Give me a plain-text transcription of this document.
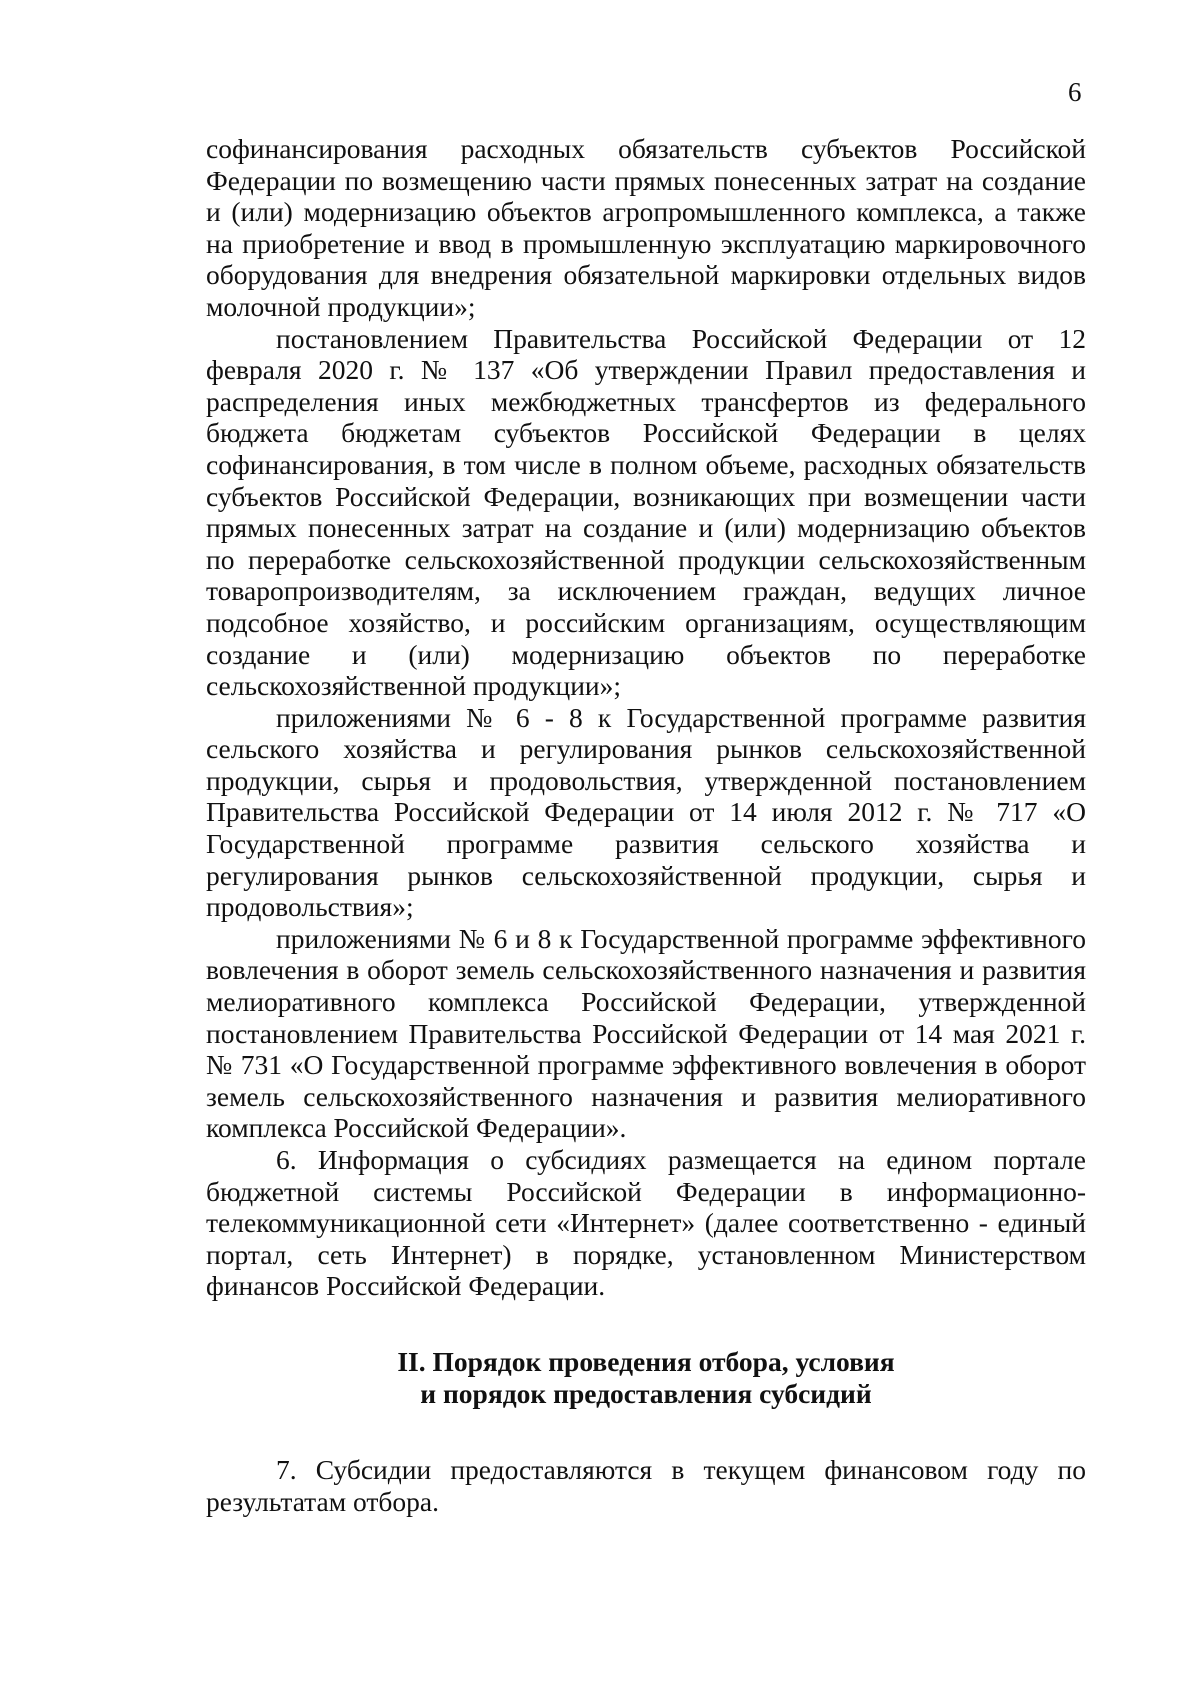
6

софинансирования расходных обязательств субъектов Российской Федерации по возмещению части прямых понесенных затрат на создание и (или) модернизацию объектов агропромышленного комплекса, а также на приобретение и ввод в промышленную эксплуатацию маркировочного оборудования для внедрения обязательной маркировки отдельных видов молочной продукции»;

постановлением Правительства Российской Федерации от 12 февраля 2020 г. № 137 «Об утверждении Правил предоставления и распределения иных межбюджетных трансфертов из федерального бюджета бюджетам субъектов Российской Федерации в целях софинансирования, в том числе в полном объеме, расходных обязательств субъектов Российской Федерации, возникающих при возмещении части прямых понесенных затрат на создание и (или) модернизацию объектов по переработке сельскохозяйственной продукции сельскохозяйственным товаропроизводителям, за исключением граждан, ведущих личное подсобное хозяйство, и российским организациям, осуществляющим создание и (или) модернизацию объектов по переработке сельскохозяйственной продукции»;

приложениями № 6 - 8 к Государственной программе развития сельского хозяйства и регулирования рынков сельскохозяйственной продукции, сырья и продовольствия, утвержденной постановлением Правительства Российской Федерации от 14 июля 2012 г. № 717 «О Государственной программе развития сельского хозяйства и регулирования рынков сельскохозяйственной продукции, сырья и продовольствия»;

приложениями № 6 и 8 к Государственной программе эффективного вовлечения в оборот земель сельскохозяйственного назначения и развития мелиоративного комплекса Российской Федерации, утвержденной постановлением Правительства Российской Федерации от 14 мая 2021 г. № 731 «О Государственной программе эффективного вовлечения в оборот земель сельскохозяйственного назначения и развития мелиоративного комплекса Российской Федерации».

6. Информация о субсидиях размещается на едином портале бюджетной системы Российской Федерации в информационно-телекоммуникационной сети «Интернет» (далее соответственно - единый портал, сеть Интернет) в порядке, установленном Министерством финансов Российской Федерации.

II. Порядок проведения отбора, условия
и порядок предоставления субсидий

7. Субсидии предоставляются в текущем финансовом году по результатам отбора.
